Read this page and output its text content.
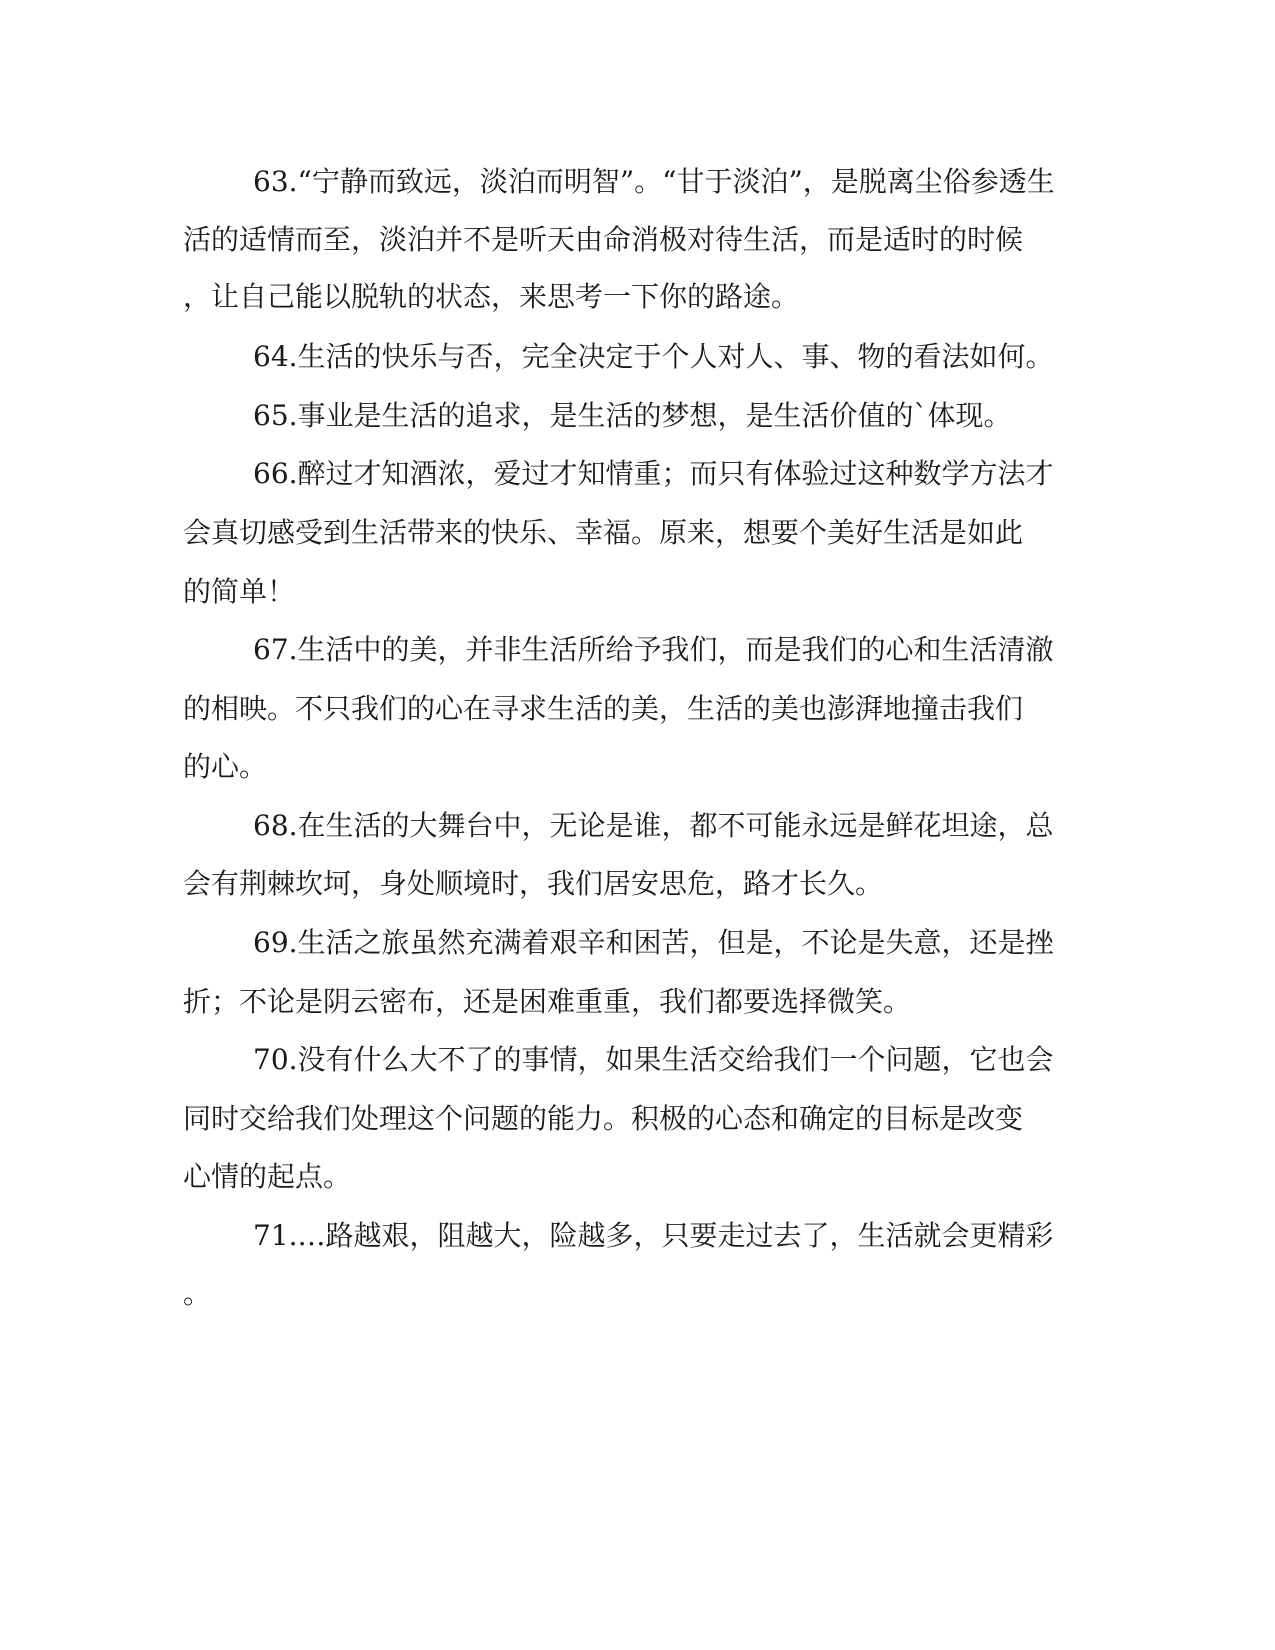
63.“宁静而致远，淡泊而明智”。“甘于淡泊”，是脱离尘俗参透生
活的适情而至，淡泊并不是听天由命消极对待生活，而是适时的时候
，让自己能以脱轨的状态，来思考一下你的路途。
64.生活的快乐与否，完全决定于个人对人、事、物的看法如何。
65.事业是生活的追求，是生活的梦想，是生活价值的`体现。
66.醉过才知酒浓，爱过才知情重；而只有体验过这种数学方法才
会真切感受到生活带来的快乐、幸福。原来，想要个美好生活是如此
的简单！
67.生活中的美，并非生活所给予我们，而是我们的心和生活清澈
的相映。不只我们的心在寻求生活的美，生活的美也澎湃地撞击我们
的心。
68.在生活的大舞台中，无论是谁，都不可能永远是鲜花坦途，总
会有荆棘坎坷，身处顺境时，我们居安思危，路才长久。
69.生活之旅虽然充满着艰辛和困苦，但是，不论是失意，还是挫
折；不论是阴云密布，还是困难重重，我们都要选择微笑。
70.没有什么大不了的事情，如果生活交给我们一个问题，它也会
同时交给我们处理这个问题的能力。积极的心态和确定的目标是改变
心情的起点。
71.…路越艰，阻越大，险越多，只要走过去了，生活就会更精彩
。
